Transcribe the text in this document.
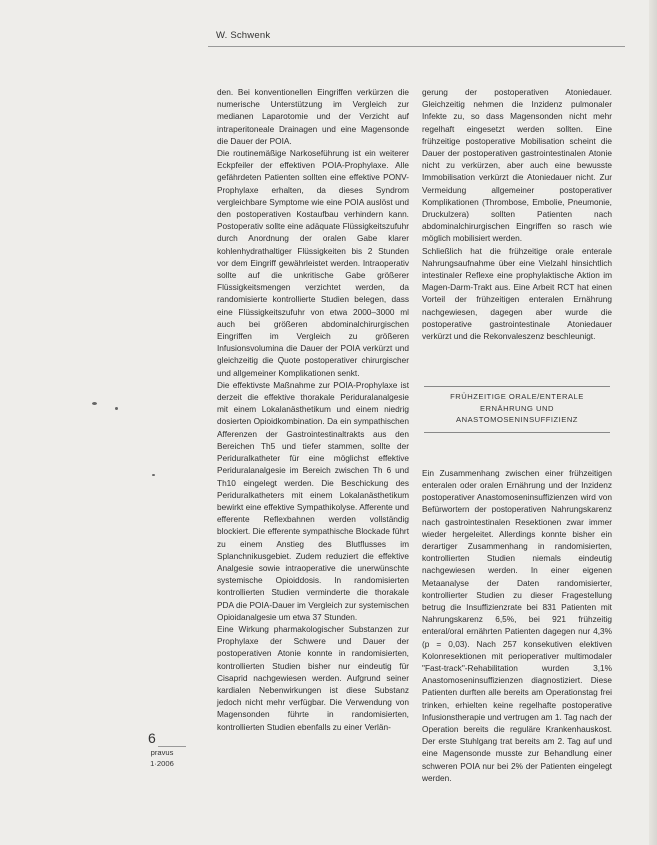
W. Schwenk

den. Bei konventionellen Eingriffen verkürzen die numerische Unterstützung im Vergleich zur medianen Laparotomie und der Verzicht auf intraperitoneale Drainagen und eine Magensonde die Dauer der POIA.

Die routinemäßige Narkoseführung ist ein weiterer Eckpfeiler der effektiven POIA-Prophylaxe. Alle gefährdeten Patienten sollten eine effektive PONV-Prophylaxe erhalten, da dieses Syndrom vergleichbare Symptome wie eine POIA auslöst und den postoperativen Kostaufbau verhindern kann. Postoperativ sollte eine adäquate Flüssigkeitszufuhr durch Anordnung der oralen Gabe klarer kohlenhydrathaltiger Flüssigkeiten bis 2 Stunden vor dem Eingriff gewährleistet werden. Intraoperativ sollte auf die unkritische Gabe größerer Flüssigkeitsmengen verzichtet werden, da randomisierte kontrollierte Studien belegen, dass eine Flüssigkeitszufuhr von etwa 2000–3000 ml auch bei größeren abdominalchirurgischen Eingriffen im Vergleich zu größeren Infusionsvolumina die Dauer der POIA verkürzt und gleichzeitig die Quote postoperativer chirurgischer und allgemeiner Komplikationen senkt.

Die effektivste Maßnahme zur POIA-Prophylaxe ist derzeit die effektive thorakale Periduralanalgesie mit einem Lokalanästhetikum und einem niedrig dosierten Opioidkombination. Da ein sympathischen Afferenzen der Gastrointestinaltrakts aus den Bereichen Th5 und tiefer stammen, sollte der Periduralkatheter für eine möglichst effektive Periduralanalgesie im Bereich zwischen Th 6 und Th10 eingelegt werden. Die Beschickung des Periduralkatheters mit einem Lokalanästhetikum bewirkt eine effektive Sympathikolyse. Afferente und efferente Reflexbahnen werden vollständig blockiert. Die efferente sympathische Blockade führt zu einem Anstieg des Blutflusses im Splanchnikusgebiet. Zudem reduziert die effektive Analgesie sowie intraoperative die unerwünschte systemische Opioiddosis. In randomisierten kontrollierten Studien verminderte die thorakale PDA die POIA-Dauer im Vergleich zur systemischen Opioidanalgesie um etwa 37 Stunden.

Eine Wirkung pharmakologischer Substanzen zur Prophylaxe der Schwere und Dauer der postoperativen Atonie konnte in randomisierten, kontrollierten Studien bisher nur eindeutig für Cisaprid nachgewiesen werden. Aufgrund seiner kardialen Nebenwirkungen ist diese Substanz jedoch nicht mehr verfügbar. Die Verwendung von Magensonden führte in randomisierten, kontrollierten Studien ebenfalls zu einer Verlän-

gerung der postoperativen Atoniedauer. Gleichzeitig nehmen die Inzidenz pulmonaler Infekte zu, so dass Magensonden nicht mehr regelhaft eingesetzt werden sollten. Eine frühzeitige postoperative Mobilisation scheint die Dauer der postoperativen gastrointestinalen Atonie nicht zu verkürzen, aber auch eine bewusste Immobilisation verkürzt die Atoniedauer nicht. Zur Vermeidung allgemeiner postoperativer Komplikationen (Thrombose, Embolie, Pneumonie, Druckulzera) sollten Patienten nach abdominalchirurgischen Eingriffen so rasch wie möglich mobilisiert werden.

Schließlich hat die frühzeitige orale enterale Nahrungsaufnahme über eine Vielzahl hinsichtlich intestinaler Reflexe eine prophylaktische Aktion im Magen-Darm-Trakt aus. Eine Arbeit RCT hat einen Vorteil der frühzeitigen enteralen Ernährung nachgewiesen, dagegen aber wurde die postoperative gastrointestinale Atoniedauer verkürzt und die Rekonvaleszenz beschleunigt.

FRÜHZEITIGE ORALE/ENTERALE ERNÄHRUNG UND ANASTOMOSENINSUFFIZIENZ

Ein Zusammenhang zwischen einer frühzeitigen enteralen oder oralen Ernährung und der Inzidenz postoperativer Anastomoseninsuffizienzen wird von Befürwortern der postoperativen Nahrungskarenz nach gastrointestinalen Resektionen zwar immer wieder hergeleitet. Allerdings konnte bisher ein derartiger Zusammenhang in randomisierten, kontrollierten Studien niemals eindeutig nachgewiesen werden. In einer eigenen Metaanalyse der Daten randomisierter, kontrollierter Studien zu dieser Fragestellung betrug die Insuffizienzrate bei 831 Patienten mit Nahrungskarenz 6,5%, bei 921 frühzeitig enteral/oral ernährten Patienten dagegen nur 4,3% (p = 0,03). Nach 257 konsekutiven elektiven Kolonresektionen mit perioperativer multimodaler "Fast-track"-Rehabilitation wurden 3,1% Anastomoseninsuffizienzen diagnostiziert. Diese Patienten durften alle bereits am Operationstag frei trinken, erhielten keine regelhafte postoperative Infusionstherapie und vertrugen am 1. Tag nach der Operation bereits die reguläre Krankenhauskost. Der erste Stuhlgang trat bereits am 2. Tag auf und eine Magensonde musste zur Behandlung einer schweren POIA nur bei 2% der Patienten eingelegt werden.

6
pravus
1·2006
